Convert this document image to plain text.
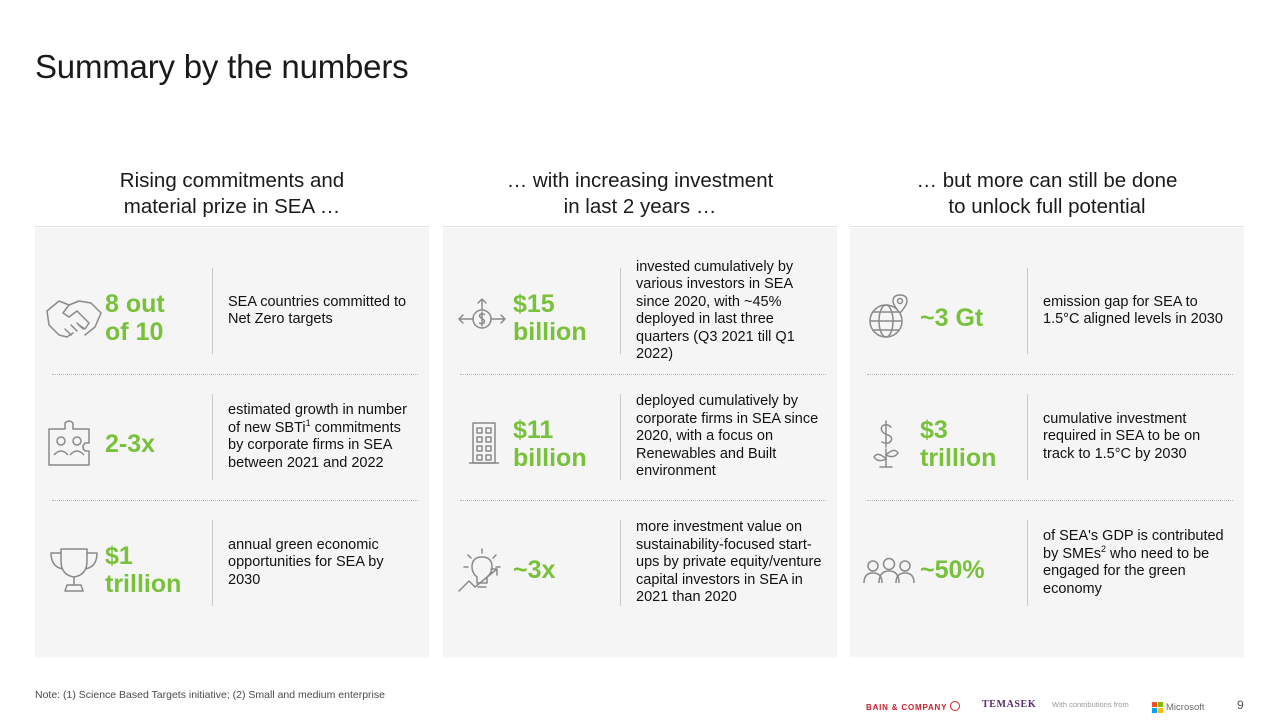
Summary by the numbers
Rising commitments and
material prize in SEA …
8 out
of 10
SEA countries committed to Net Zero targets
2-3x
estimated growth in number of new SBTi$^1$ commitments by corporate firms in SEA between 2021 and 2022
$1
trillion
annual green economic opportunities for SEA by 2030
… with increasing investment
in last 2 years …
$15
billion
invested cumulatively by various investors in SEA since 2020, with ~45% deployed in last three quarters (Q3 2021 till Q1 2022)
$11
billion
deployed cumulatively by corporate firms in SEA since 2020, with a focus on Renewables and Built environment
~3x
more investment value on sustainability-focused start-ups by private equity/venture capital investors in SEA in 2021 than 2020
… but more can still be done
to unlock full potential
~3 Gt
emission gap for SEA to 1.5°C aligned levels in 2030
$3
trillion
cumulative investment required in SEA to be on track to 1.5°C by 2030
~50%
of SEA's GDP is contributed by SMEs$^2$ who need to be engaged for the green economy
Note: (1) Science Based Targets initiative; (2) Small and medium enterprise
BAIN & COMPANY	TEMASEK With contributions from	Microsoft	9
